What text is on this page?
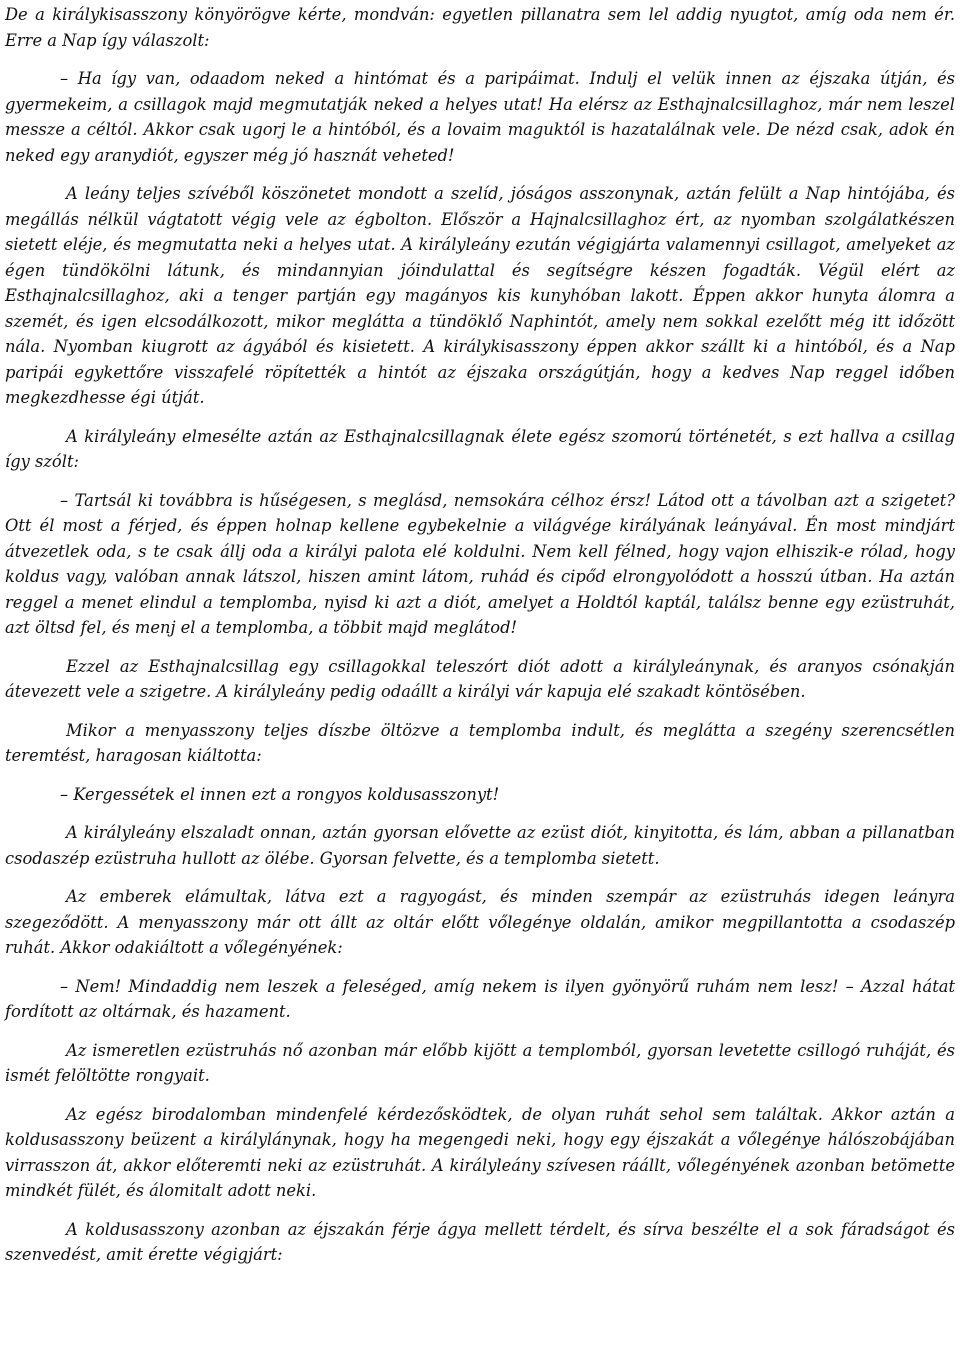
De a királykisasszony könyörögve kérte, mondván: egyetlen pillanatra sem lel addig nyugtot, amíg oda nem ér. Erre a Nap így válaszolt:

– Ha így van, odaadom neked a hintómat és a paripáimat. Indulj el velük innen az éjszaka útján, és gyermekeim, a csillagok majd megmutatják neked a helyes utat! Ha elérsz az Esthajnalcsillaghoz, már nem leszel messze a céltól. Akkor csak ugorj le a hintóból, és a lovaim maguktól is hazatalálnak vele. De nézd csak, adok én neked egy aranydiót, egyszer még jó hasznát veheted!

A leány teljes szívéből köszönetet mondott a szelíd, jóságos asszonynak, aztán felült a Nap hintójába, és megállás nélkül vágtatott végig vele az égbolton. Először a Hajnalcsillaghoz ért, az nyomban szolgálatkészen sietett eléje, és megmutatta neki a helyes utat. A királyleány ezután végigjárta valamennyi csillagot, amelyeket az égen tündökölni látunk, és mindannyian jóindulattal és segítségre készen fogadták. Végül elért az Esthajnalcsillaghoz, aki a tenger partján egy magányos kis kunyhóban lakott. Éppen akkor hunyta álomra a szemét, és igen elcsodálkozott, mikor meglátta a tündöklő Naphintót, amely nem sokkal ezelőtt még itt időzött nála. Nyomban kiugrott az ágyából és kisietett. A királykisasszony éppen akkor szállt ki a hintóból, és a Nap paripái egykettőre visszafelé röpítették a hintót az éjszaka országútján, hogy a kedves Nap reggel időben megkezdhesse égi útját.

A királyleány elmesélte aztán az Esthajnalcsillagnak élete egész szomorú történetét, s ezt hallva a csillag így szólt:

– Tartsál ki továbbra is hűségesen, s meglásd, nemsokára célhoz érsz! Látod ott a távolban azt a szigetet? Ott él most a férjed, és éppen holnap kellene egybekelnie a világvége királyának leányával. Én most mindjárt átvezetlek oda, s te csak állj oda a királyi palota elé koldulni. Nem kell félned, hogy vajon elhiszik-e rólad, hogy koldus vagy, valóban annak látszol, hiszen amint látom, ruhád és cipőd elrongyolódott a hosszú útban. Ha aztán reggel a menet elindul a templomba, nyisd ki azt a diót, amelyet a Holdtól kaptál, találsz benne egy ezüstruhát, azt öltsd fel, és menj el a templomba, a többit majd meglátod!

Ezzel az Esthajnalcsillag egy csillagokkal teleszórt diót adott a királyleánynak, és aranyos csónakján átevezett vele a szigetre. A királyleány pedig odaállt a királyi vár kapuja elé szakadt köntösében.

Mikor a menyasszony teljes díszbe öltözve a templomba indult, és meglátta a szegény szerencsétlen teremtést, haragosan kiáltotta:

– Kergessétek el innen ezt a rongyos koldusasszonyt!

A királyleány elszaladt onnan, aztán gyorsan elővette az ezüst diót, kinyitotta, és lám, abban a pillanatban csodaszép ezüstruha hullott az ölébe. Gyorsan felvette, és a templomba sietett.

Az emberek elámultak, látva ezt a ragyogást, és minden szempár az ezüstruhás idegen leányra szegeződött. A menyasszony már ott állt az oltár előtt vőlegénye oldalán, amikor megpillantotta a csodaszép ruhát. Akkor odakiáltott a vőlegényének:

– Nem! Mindaddig nem leszek a feleséged, amíg nekem is ilyen gyönyörű ruhám nem lesz! – Azzal hátat fordított az oltárnak, és hazament.

Az ismeretlen ezüstruhás nő azonban már előbb kijött a templomból, gyorsan levetette csillogó ruháját, és ismét felöltötte rongyait.

Az egész birodalomban mindenfelé kérdezősködtek, de olyan ruhát sehol sem találtak. Akkor aztán a koldusasszony beüzent a királylánynak, hogy ha megengedi neki, hogy egy éjszakát a vőlegénye hálószobájában virrasszon át, akkor előteremti neki az ezüstruhát. A királyleány szívesen ráállt, vőlegényének azonban betömette mindkét fülét, és álomitalt adott neki.

A koldusasszony azonban az éjszakán férje ágya mellett térdelt, és sírva beszélte el a sok fáradságot és szenvedést, amit érette végigjárt:
